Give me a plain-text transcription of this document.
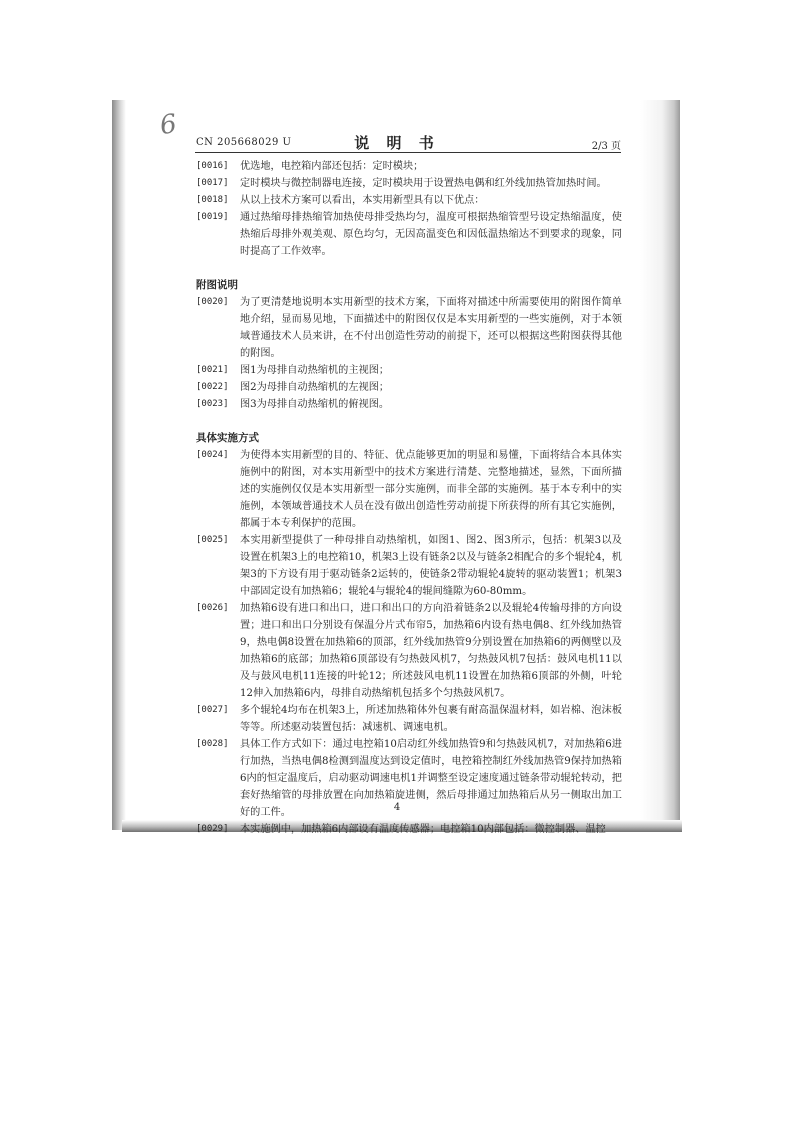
6
CN 205668029 U	说 明 书	2/3 页
[0016] 优选地，电控箱内部还包括：定时模块；
[0017] 定时模块与微控制器电连接，定时模块用于设置热电偶和红外线加热管加热时间。
[0018] 从以上技术方案可以看出，本实用新型具有以下优点：
[0019] 通过热缩母排热缩管加热使母排受热均匀，温度可根据热缩管型号设定热缩温度，使热缩后母排外观美观、原色均匀，无因高温变色和因低温热缩达不到要求的现象，同时提高了工作效率。
附图说明
[0020] 为了更清楚地说明本实用新型的技术方案，下面将对描述中所需要使用的附图作简单地介绍，显而易见地，下面描述中的附图仅仅是本实用新型的一些实施例，对于本领域普通技术人员来讲，在不付出创造性劳动的前提下，还可以根据这些附图获得其他的附图。
[0021] 图1为母排自动热缩机的主视图；
[0022] 图2为母排自动热缩机的左视图；
[0023] 图3为母排自动热缩机的俯视图。
具体实施方式
[0024] 为使得本实用新型的目的、特征、优点能够更加的明显和易懂，下面将结合本具体实施例中的附图，对本实用新型中的技术方案进行清楚、完整地描述，显然，下面所描述的实施例仅仅是本实用新型一部分实施例，而非全部的实施例。基于本专利中的实施例，本领域普通技术人员在没有做出创造性劳动前提下所获得的所有其它实施例，都属于本专利保护的范围。
[0025] 本实用新型提供了一种母排自动热缩机，如图1、图2、图3所示，包括：机架3以及设置在机架3上的电控箱10，机架3上设有链条2以及与链条2相配合的多个辊轮4，机架3的下方设有用于驱动链条2运转的，使链条2带动辊轮4旋转的驱动装置1；机架3中部固定设有加热箱6；辊轮4与辊轮4的辊间缝隙为60-80mm。
[0026] 加热箱6设有进口和出口，进口和出口的方向沿着链条2以及辊轮4传输母排的方向设置；进口和出口分别设有保温分片式布帘5，加热箱6内设有热电偶8、红外线加热管9，热电偶8设置在加热箱6的顶部，红外线加热管9分别设置在加热箱6的两侧壁以及加热箱6的底部；加热箱6顶部设有匀热鼓风机7，匀热鼓风机7包括：鼓风电机11以及与鼓风电机11连接的叶轮12；所述鼓风电机11设置在加热箱6顶部的外侧，叶轮12伸入加热箱6内，母排自动热缩机包括多个匀热鼓风机7。
[0027] 多个辊轮4均布在机架3上，所述加热箱体外包裹有耐高温保温材料，如岩棉、泡沫板等等。所述驱动装置包括：减速机、调速电机。
[0028] 具体工作方式如下：通过电控箱10启动红外线加热管9和匀热鼓风机7，对加热箱6进行加热，当热电偶8检测到温度达到设定值时，电控箱控制红外线加热管9保持加热箱6内的恒定温度后，启动驱动调速电机1并调整至设定速度通过链条带动辊轮转动，把套好热缩管的母排放置在向加热箱旋进侧，然后母排通过加热箱后从另一侧取出加工好的工件。
[0029] 本实施例中，加热箱6内部设有温度传感器；电控箱10内部包括：微控制器、温控
4
